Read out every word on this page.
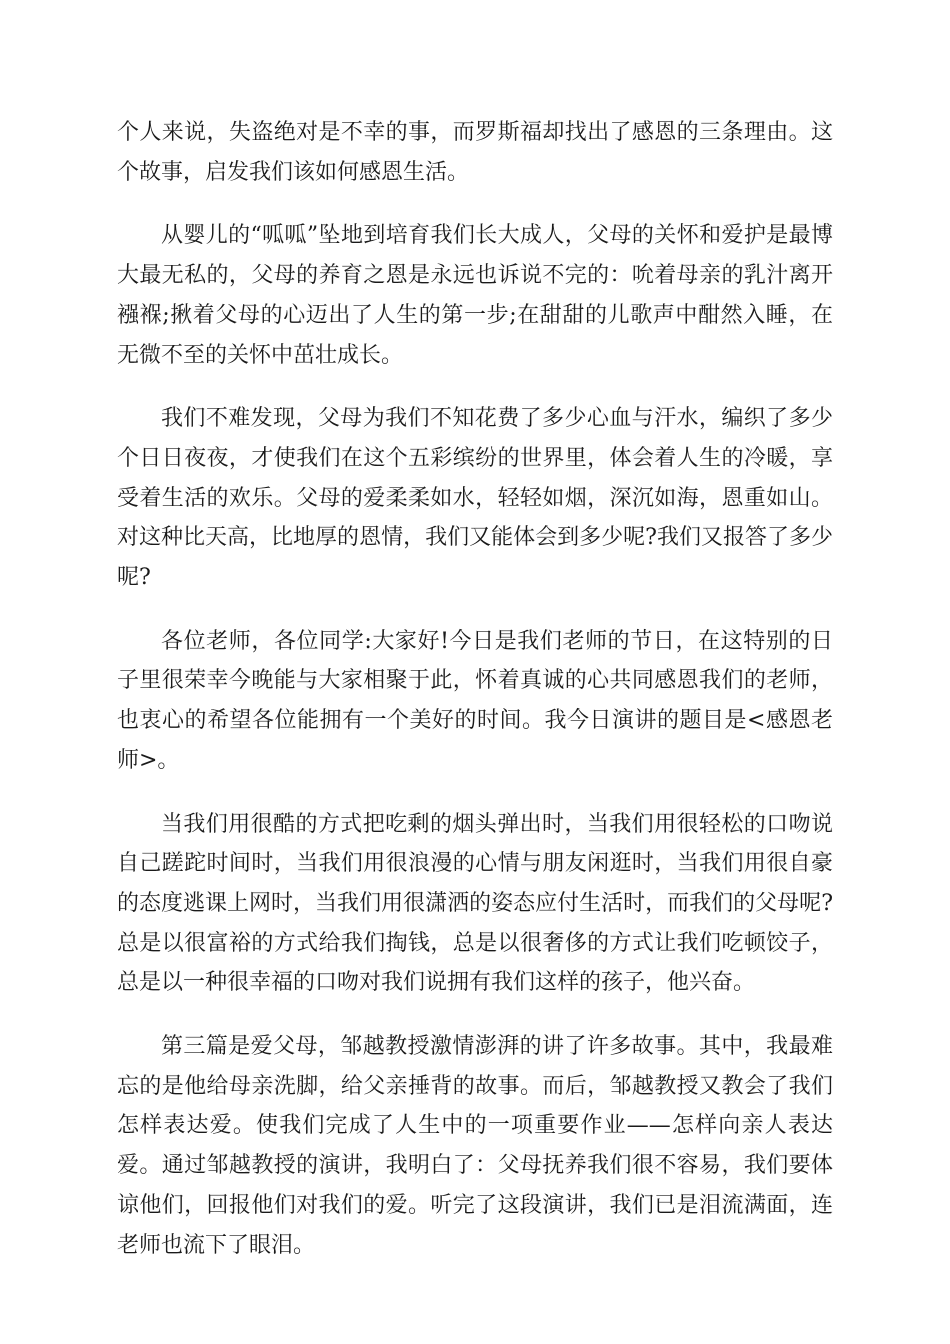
个人来说，失盗绝对是不幸的事，而罗斯福却找出了感恩的三条理由。这个故事，启发我们该如何感恩生活。

从婴儿的“呱呱”坠地到培育我们长大成人，父母的关怀和爱护是最博大最无私的，父母的养育之恩是永远也诉说不完的：吮着母亲的乳汁离开襁褓;揪着父母的心迈出了人生的第一步;在甜甜的儿歌声中酣然入睡，在无微不至的关怀中茁壮成长。

我们不难发现，父母为我们不知花费了多少心血与汗水，编织了多少个日日夜夜，才使我们在这个五彩缤纷的世界里，体会着人生的冷暖，享受着生活的欢乐。父母的爱柔柔如水，轻轻如烟，深沉如海，恩重如山。对这种比天高，比地厚的恩情，我们又能体会到多少呢?我们又报答了多少呢?

各位老师，各位同学:大家好!今日是我们老师的节日，在这特别的日子里很荣幸今晚能与大家相聚于此，怀着真诚的心共同感恩我们的老师，也衷心的希望各位能拥有一个美好的时间。我今日演讲的题目是<感恩老师>。

当我们用很酷的方式把吃剩的烟头弹出时，当我们用很轻松的口吻说自己蹉跎时间时，当我们用很浪漫的心情与朋友闲逛时，当我们用很自豪的态度逃课上网时，当我们用很潇洒的姿态应付生活时，而我们的父母呢?总是以很富裕的方式给我们掏钱，总是以很奢侈的方式让我们吃顿饺子，总是以一种很幸福的口吻对我们说拥有我们这样的孩子，他兴奋。

第三篇是爱父母，邹越教授激情澎湃的讲了许多故事。其中，我最难忘的是他给母亲洗脚，给父亲捶背的故事。而后，邹越教授又教会了我们怎样表达爱。使我们完成了人生中的一项重要作业——怎样向亲人表达爱。通过邹越教授的演讲，我明白了：父母抚养我们很不容易，我们要体谅他们，回报他们对我们的爱。听完了这段演讲，我们已是泪流满面，连老师也流下了眼泪。
